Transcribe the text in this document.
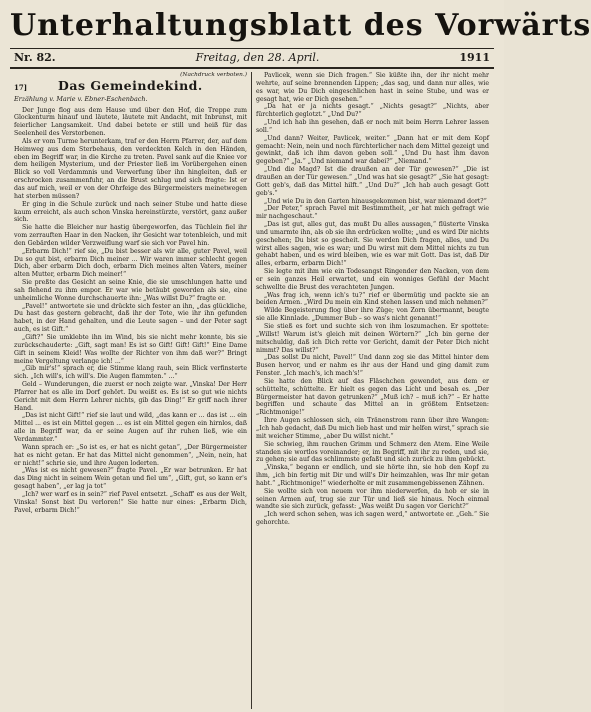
Unterhaltungsblatt des Vorwärts
Nr. 82.	Freitag, den 28. April.	1911
(Nachdruck verboten.)
17]	Das Gemeindekind.
Erzählung v. Marie v. Ebner-Eschenbach.

Der Junge flog aus dem Hause und über den Hof, die Treppe zum Glockenturm hinauf und läutete, läutete mit Andacht, mit Inbrunst, mit feierlicher Langsamkeit. Und dabei betete er still und heiß für das Seelenheil des Verstorbenen.

Als er vom Turme herunterkam, traf er den Herrn Pfarrer, der, auf dem Heimweg aus dem Sterbehaus, den verdeckten Kelch in den Händen, eben im Begriff war, in die Kirche zu treten. Pavel sank auf die Kniee vor dem heiligen Mysterium, und der Priester ließ im Vorübergehen einen Blick so voll Verdammnis und Verwerfung über ihn hingleiten, daß er erschrocken zusammenfuhr, an die Brust schlug und sich fragte: Ist er das auf mich, weil er von der Ohrfeige des Bürgermeisters meinetwegen hat sterben müssen?

Er ging in die Schule zurück und nach seiner Stube und hatte diese kaum erreicht, als auch schon Vinska hereinstürzte, verstört, ganz außer sich.

Sie hatte die Bleicher nur hastig übergeworfen, das Tüchlein fiel ihr vom zerrauften Haar in den Nacken, ihr Gesicht war totenbleich, und mit den Gebärden wilder Verzweiflung warf sie sich vor Pavel hin.

„Erbarm Dich!“ rief sie, „Du bist besser als wir alle, guter Pavel, weil Du so gut bist, erbarm Dich meiner ... Wir waren immer schlecht gegen Dich, aber erbarm Dich doch, erbarm Dich meines alten Vaters, meiner alten Mutter, erbarm Dich meiner!“

Sie preßte das Gesicht an seine Knie, die sie umschlungen hatte und sah flehend zu ihm empor. Er war wie betäubt geworden als sie, eine unheimliche Wonne durchschauerte ihn: „Was willst Du?“ fragte er.

„Pavel!“ antwortete sie und drückte sich fester an ihn, „das glückliche, Du hast das gestern gebracht, daß ihr der Tote, wie ihr ihn gefunden habet, in der Hand gehalten, und die Leute sagen – und der Peter sagt auch, es ist Gift.“

„Gift?“ Sie umklebte ihn im Wind, bis sie nicht mehr konnte, bis sie zurückschauderte: „Gift, sagt man! Es ist so Gift! Gift! Gift!“ Eine Dame Gift in seinem Kleid! Was wollte der Richter von ihm daß wer?“ Bringt meine Vergeltung verlange ich! ...“

„Gib mir's!“ sprach er, die Stimme klang rauh, sein Blick verfinsterte sich. „Ich will's, ich will's. Die Augen flammten.“ ...“

Geld – Wunderungen, die zuerst er noch zeigte war. „Vinska! Der Herr Pfarrer hat es alle im Dorf gehört. Du weißt es. Es ist so gut wie nichts Gericht mit dem Herrn Lehrer nichts, gib das Ding!“ Er griff nach ihrer Hand.

„Das ist nicht Gift!“ rief sie laut und wild, „das kann er ... das ist ... ein Mittel ... es ist ein Mittel gegen ... es ist ein Mittel gegen ein hirnlos, daß alle in Begriff war, da er seine Augen auf ihr ruhen ließ, wie ein Verdammter.“

Wann sprach er: „So ist es, er hat es nicht getan“, „Der Bürgermeister hat es nicht getan. Er hat das Mittel nicht genommen“, „Nein, nein, hat er nicht!“ schrie sie, und ihre Augen loderten.

„Was ist es nicht gewesen?“ fragte Pavel. „Er war betrunken. Er hat das Ding nicht in seinem Wein getan und fiel um“, „Gift, gut, so kann er's gesagt haben“, „er lag ja tot“

„Ich? wer warf es in sein?“ rief Pavel entsetzt. „Schaff' es aus der Welt, Vinska! Sonst bist Du verloren!“ Sie hatte nur eines: „Erbarm Dich, Pavel, erbarm Dich!“

Pavlicek, wenn sie Dich fragen.“ Sie küßte ihn, der ihr nicht mehr wehrte, auf seine brennenden Lippen; „das sag, und dann nur alles, wie es war, wie Du Dich eingeschlichen hast in seine Stube, und was er gesagt hat, wie er Dich gesehen.“

„Da hat er ja nichts gesagt.“ „Nichts gesagt?“ „Nichts, aber fürchterlich geglotzt.“ „Und Du?“

„Und ich hab ihn gesehen, daß er noch mit beim Herrn Lehrer lassen soll.“

„Und dann? Weiter, Pavlicek, weiter.“ „Dann hat er mit dem Kopf gemacht: Nein, nein und noch fürchterlicher nach dem Mittel gezeigt und gewinkt, daß ich ihm davon geben soll.“ „Und Du hast ihm davon gegeben?“ „Ja.“ „Und niemand war dabei?“ „Niemand.“

„Und die Magd? Ist die draußen an der Tür gewesen?“ „Die ist draußen an der Tür gewesen.“ „Und was hat sie gesagt?“ „Sie hat gesagt: Gott geb's, daß das Mittel hilft.“ „Und Du?“ „Ich hab auch gesagt Gott geb's.“

„Und wie Du in den Garten hinausgekommen bist, war niemand dort?“

„Der Peter,“ sprach Pavel mit Bestimmtheit, „er hat mich gefragt wie mir nachgeschaut.“

„Das ist gut, alles gut, das mußt Du alles aussagen,“ flüsterte Vinska und umarmte ihn, als ob sie ihn erdrücken wollte; „und es wird Dir nichts geschehen; Du bist so gescheit. Sie werden Dich fragen, alles, und Du wirst alles sagen, wie es war; und Du wirst mit dem Mittel nichts zu tun gehabt haben, und es wird bleiben, wie es war mit Gott. Das ist, daß Dir alles, erbarm, erbarm Dich!“

Sie legte mit ihm wie ein Todesangst Ringender den Nacken, von dem er sein ganzes Heil erwartet, und ein wonniges Gefühl der Macht schwellte die Brust des verachteten Jungen.

„Was frag ich, wenn ich's tu?“ rief er übermütig und packte sie an beiden Armen. „Wird Du mein ein Kind stehen lassen und mich nehmen?“

Wilde Begeisterung flog über ihre Züge; von Zorn übermannt, beugte sie alle Kinnlade. „Dummer Bub – so was's nicht genannt!“

Sie stieß es fort und suchte sich von ihm loszumachen. Er spottete: „Willst! Warum ist's gleich mit deinen Wörtern?“ „Ich bin gerne der mitschuldig, daß ich Dich rette vor Gericht, damit der Peter Dich nicht nimmt? Das willst?“

„Das sollst Du nicht, Pavel!“ Und dann zog sie das Mittel hinter dem Busen hervor, und er nahm es ihr aus der Hand und ging damit zum Fenster. „Ich mach's, ich mach's!“

Sie hatte den Blick auf das Fläschchen gewendet, aus dem er schüttelte, schüttelte. Er hielt es gegen das Licht und besah es. „Der Bürgermeister hat davon getrunken?“ „Muß ich? – muß ich?“ – Er hatte begriffen und schaute das Mittel an in größtem Entsetzen: „Richtmonige!“

Ihre Augen schlossen sich, ein Tränenstrom rann über ihre Wangen: „Ich hab gedacht, daß Du mich lieb hast und mir helfen wirst,“ sprach sie mit weicher Stimme, „aber Du willst nicht.“

Sie schwieg, ihm rauchen Grimm und Schmerz den Atem. Eine Weile standen sie wortlos voreinander; er, im Begriff, mit ihr zu reden, und sie, zu gehen; sie auf das schlimmste gefaßt und sich zurück zu ihm gebückt.

„Vinska,“ begann er endlich, und sie hörte ihn, sie hob den Kopf zu ihm, „ich bin fertig mit Dir und will's Dir heimzahlen, was Ihr mir getan habt.“ „Richtmonige!“ wiederholte er mit zusammengebissenen Zähnen.

Sie wollte sich von neuem vor ihm niederwerfen, da hob er sie in seinen Armen auf, trug sie zur Tür und ließ sie hinaus. Noch einmal wandte sie sich zurück, gefasst: „Was weißt Du sagen vor Gericht?“

„Ich werd schon sehen, was ich sagen werd,“ antwortete er. „Geh.“ Sie gehorchte.
